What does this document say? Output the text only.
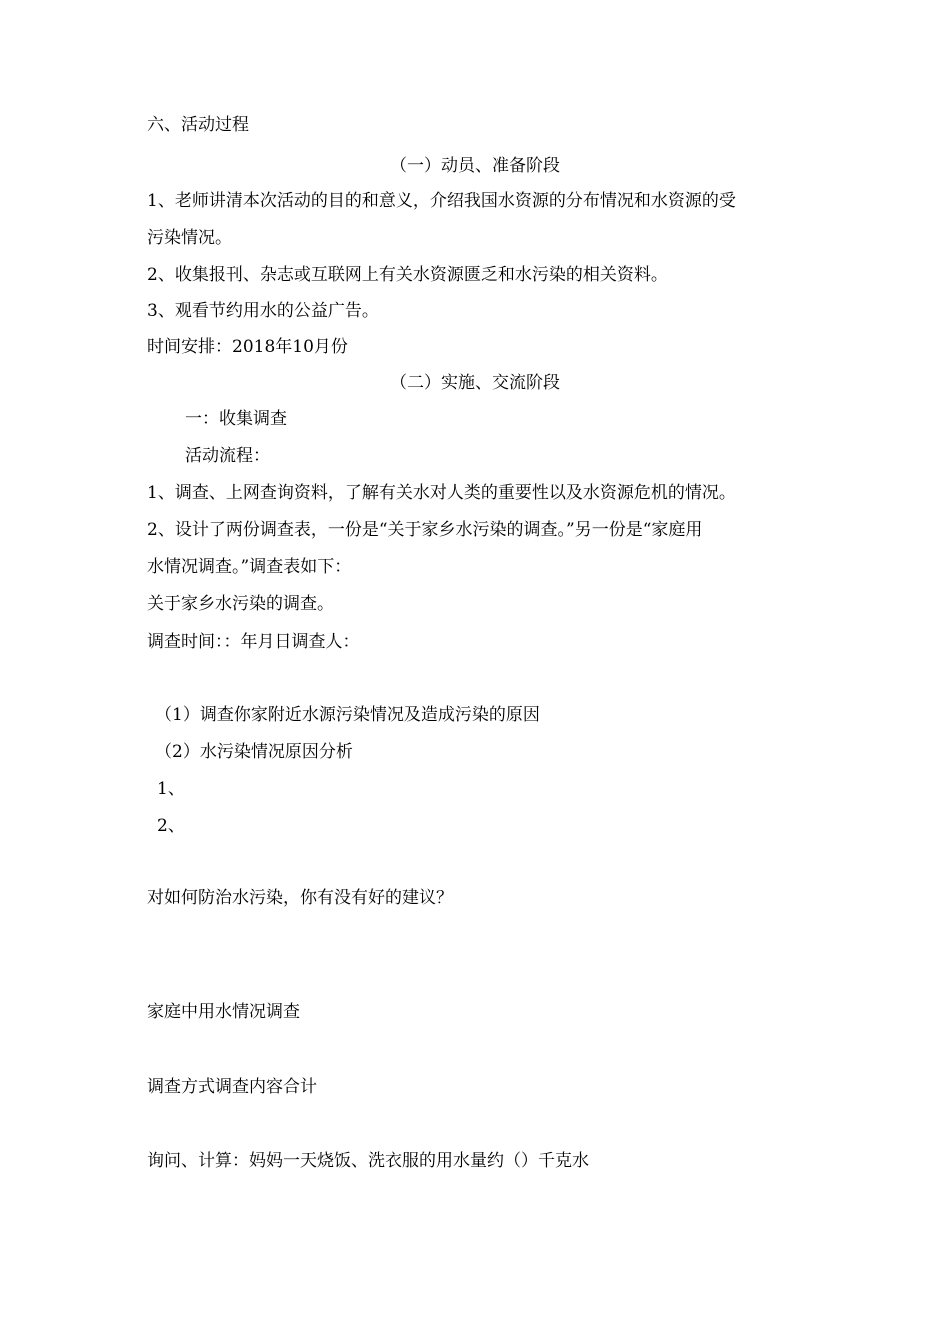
六、活动过程

（一）动员、准备阶段

1、老师讲清本次活动的目的和意义，介绍我国水资源的分布情况和水资源的受

污染情况。

2、收集报刊、杂志或互联网上有关水资源匮乏和水污染的相关资料。

3、观看节约用水的公益广告。

时间安排：2018年10月份

（二）实施、交流阶段

一：收集调查

活动流程：

1、调查、上网查询资料，了解有关水对人类的重要性以及水资源危机的情况。

2、设计了两份调查表，一份是“关于家乡水污染的调查。”另一份是“家庭用

水情况调查。”调查表如下：

关于家乡水污染的调查。

调查时间：：年月日调查人：

（1）调查你家附近水源污染情况及造成污染的原因

（2）水污染情况原因分析

1、

2、

对如何防治水污染，你有没有好的建议？

家庭中用水情况调查

调查方式调查内容合计

询问、计算：妈妈一天烧饭、洗衣服的用水量约（）千克水
